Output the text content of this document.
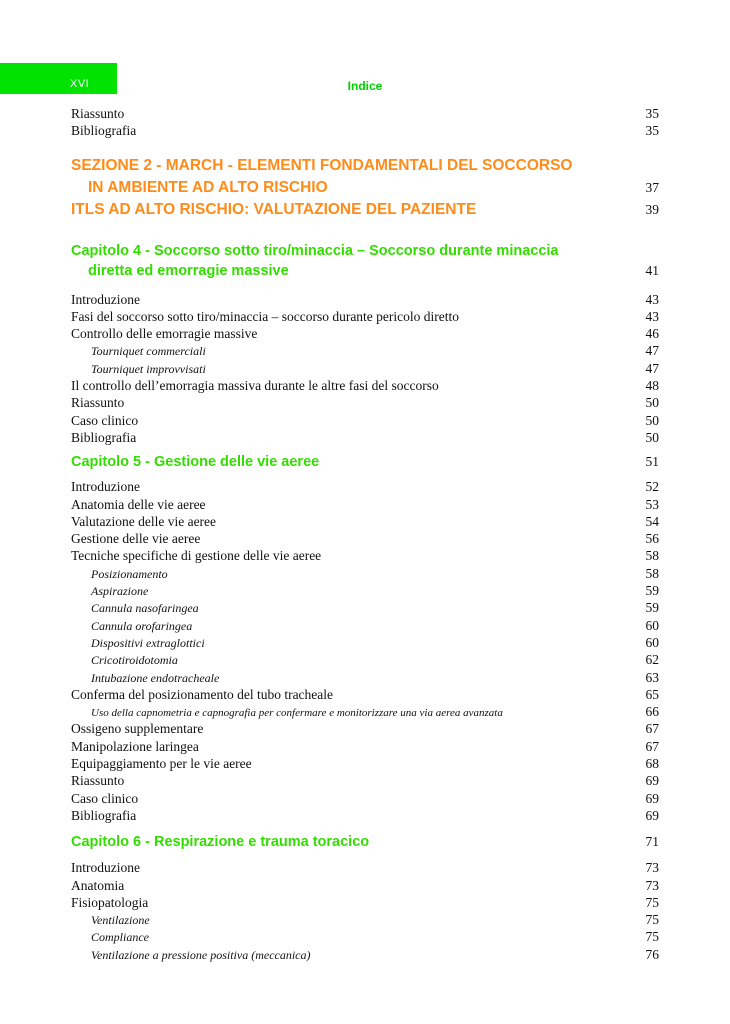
XVI	Indice
Riassunto	35
Bibliografia	35
SEZIONE 2 - MARCH - ELEMENTI FONDAMENTALI DEL SOCCORSO
IN AMBIENTE AD ALTO RISCHIO	37
ITLS AD ALTO RISCHIO: VALUTAZIONE DEL PAZIENTE	39
Capitolo 4 - Soccorso sotto tiro/minaccia – Soccorso durante minaccia
diretta ed emorragie massive	41
Introduzione	43
Fasi del soccorso sotto tiro/minaccia – soccorso durante pericolo diretto	43
Controllo delle emorragie massive	46
Tourniquet commerciali	47
Tourniquet improvvisati	47
Il controllo dell’emorragia massiva durante le altre fasi del soccorso	48
Riassunto	50
Caso clinico	50
Bibliografia	50
Capitolo 5 - Gestione delle vie aeree	51
Introduzione	52
Anatomia delle vie aeree	53
Valutazione delle vie aeree	54
Gestione delle vie aeree	56
Tecniche specifiche di gestione delle vie aeree	58
Posizionamento	58
Aspirazione	59
Cannula nasofaringea	59
Cannula orofaringea	60
Dispositivi extraglottici	60
Cricotiroidotomia	62
Intubazione endotracheale	63
Conferma del posizionamento del tubo tracheale	65
Uso della capnometria e capnografia per confermare e monitorizzare una via aerea avanzata	66
Ossigeno supplementare	67
Manipolazione laringea	67
Equipaggiamento per le vie aeree	68
Riassunto	69
Caso clinico	69
Bibliografia	69
Capitolo 6 - Respirazione e trauma toracico	71
Introduzione	73
Anatomia	73
Fisiopatologia	75
Ventilazione	75
Compliance	75
Ventilazione a pressione positiva (meccanica)	76
